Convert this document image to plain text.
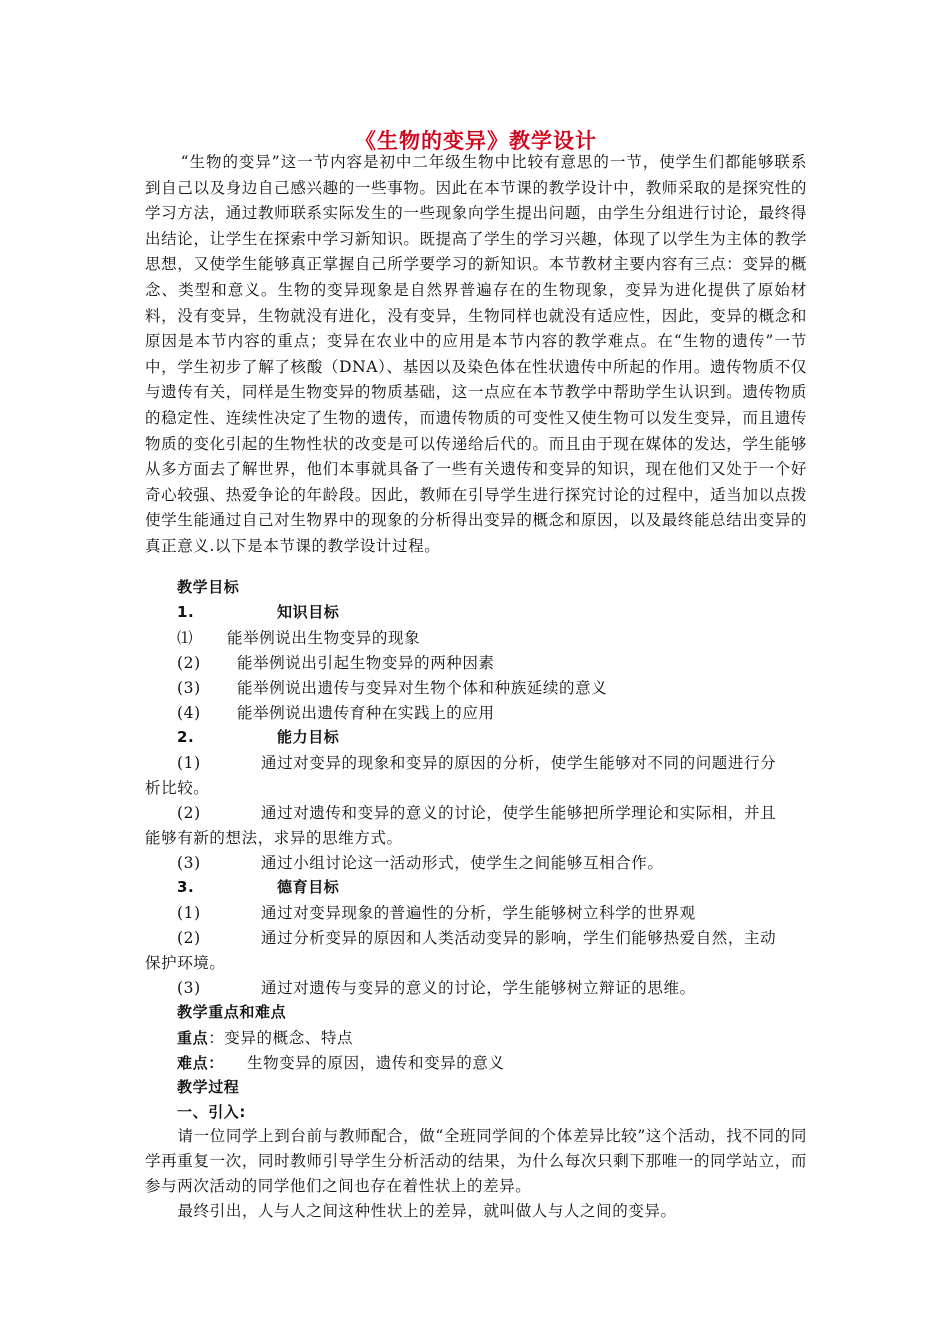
《生物的变异》教学设计

“生物的变异”这一节内容是初中二年级生物中比较有意思的一节，使学生们都能够联系到自己以及身边自己感兴趣的一些事物。因此在本节课的教学设计中，教师采取的是探究性的学习方法，通过教师联系实际发生的一些现象向学生提出问题，由学生分组进行讨论，最终得出结论，让学生在探索中学习新知识。既提高了学生的学习兴趣，体现了以学生为主体的教学思想，又使学生能够真正掌握自己所学要学习的新知识。本节教材主要内容有三点：变异的概念、类型和意义。生物的变异现象是自然界普遍存在的生物现象，变异为进化提供了原始材料，没有变异，生物就没有进化，没有变异，生物同样也就没有适应性，因此，变异的概念和原因是本节内容的重点；变异在农业中的应用是本节内容的教学难点。在“生物的遗传”一节中，学生初步了解了核酸（DNA）、基因以及染色体在性状遗传中所起的作用。遗传物质不仅与遗传有关，同样是生物变异的物质基础，这一点应在本节教学中帮助学生认识到。遗传物质的稳定性、连续性决定了生物的遗传，而遗传物质的可变性又使生物可以发生变异，而且遗传物质的变化引起的生物性状的改变是可以传递给后代的。而且由于现在媒体的发达，学生能够从多方面去了解世界，他们本事就具备了一些有关遗传和变异的知识，现在他们又处于一个好奇心较强、热爱争论的年龄段。因此，教师在引导学生进行探究讨论的过程中，适当加以点拨使学生能通过自己对生物界中的现象的分析得出变异的概念和原因，以及最终能总结出变异的真正意义.以下是本节课的教学设计过程。

教学目标
1.	知识目标
⑴ 能举例说出生物变异的现象
(2) 能举例说出引起生物变异的两种因素
(3) 能举例说出遗传与变异对生物个体和种族延续的意义
(4) 能举例说出遗传育种在实践上的应用
2.	能力目标
(1)	通过对变异的现象和变异的原因的分析，使学生能够对不同的问题进行分
析比较。
(2)	通过对遗传和变异的意义的讨论，使学生能够把所学理论和实际相，并且
能够有新的想法，求异的思维方式。
(3)	通过小组讨论这一活动形式，使学生之间能够互相合作。
3.	德育目标
(1)	通过对变异现象的普遍性的分析，学生能够树立科学的世界观
(2)	通过分析变异的原因和人类活动变异的影响，学生们能够热爱自然，主动
保护环境。
(3)	通过对遗传与变异的意义的讨论，学生能够树立辩证的思维。
教学重点和难点
重点：变异的概念、特点
难点： 生物变异的原因，遗传和变异的意义
教学过程
一、引入:

请一位同学上到台前与教师配合，做“全班同学间的个体差异比较”这个活动，找不同的同学再重复一次，同时教师引导学生分析活动的结果，为什么每次只剩下那唯一的同学站立，而参与两次活动的同学他们之间也存在着性状上的差异。

最终引出，人与人之间这种性状上的差异，就叫做人与人之间的变异。
